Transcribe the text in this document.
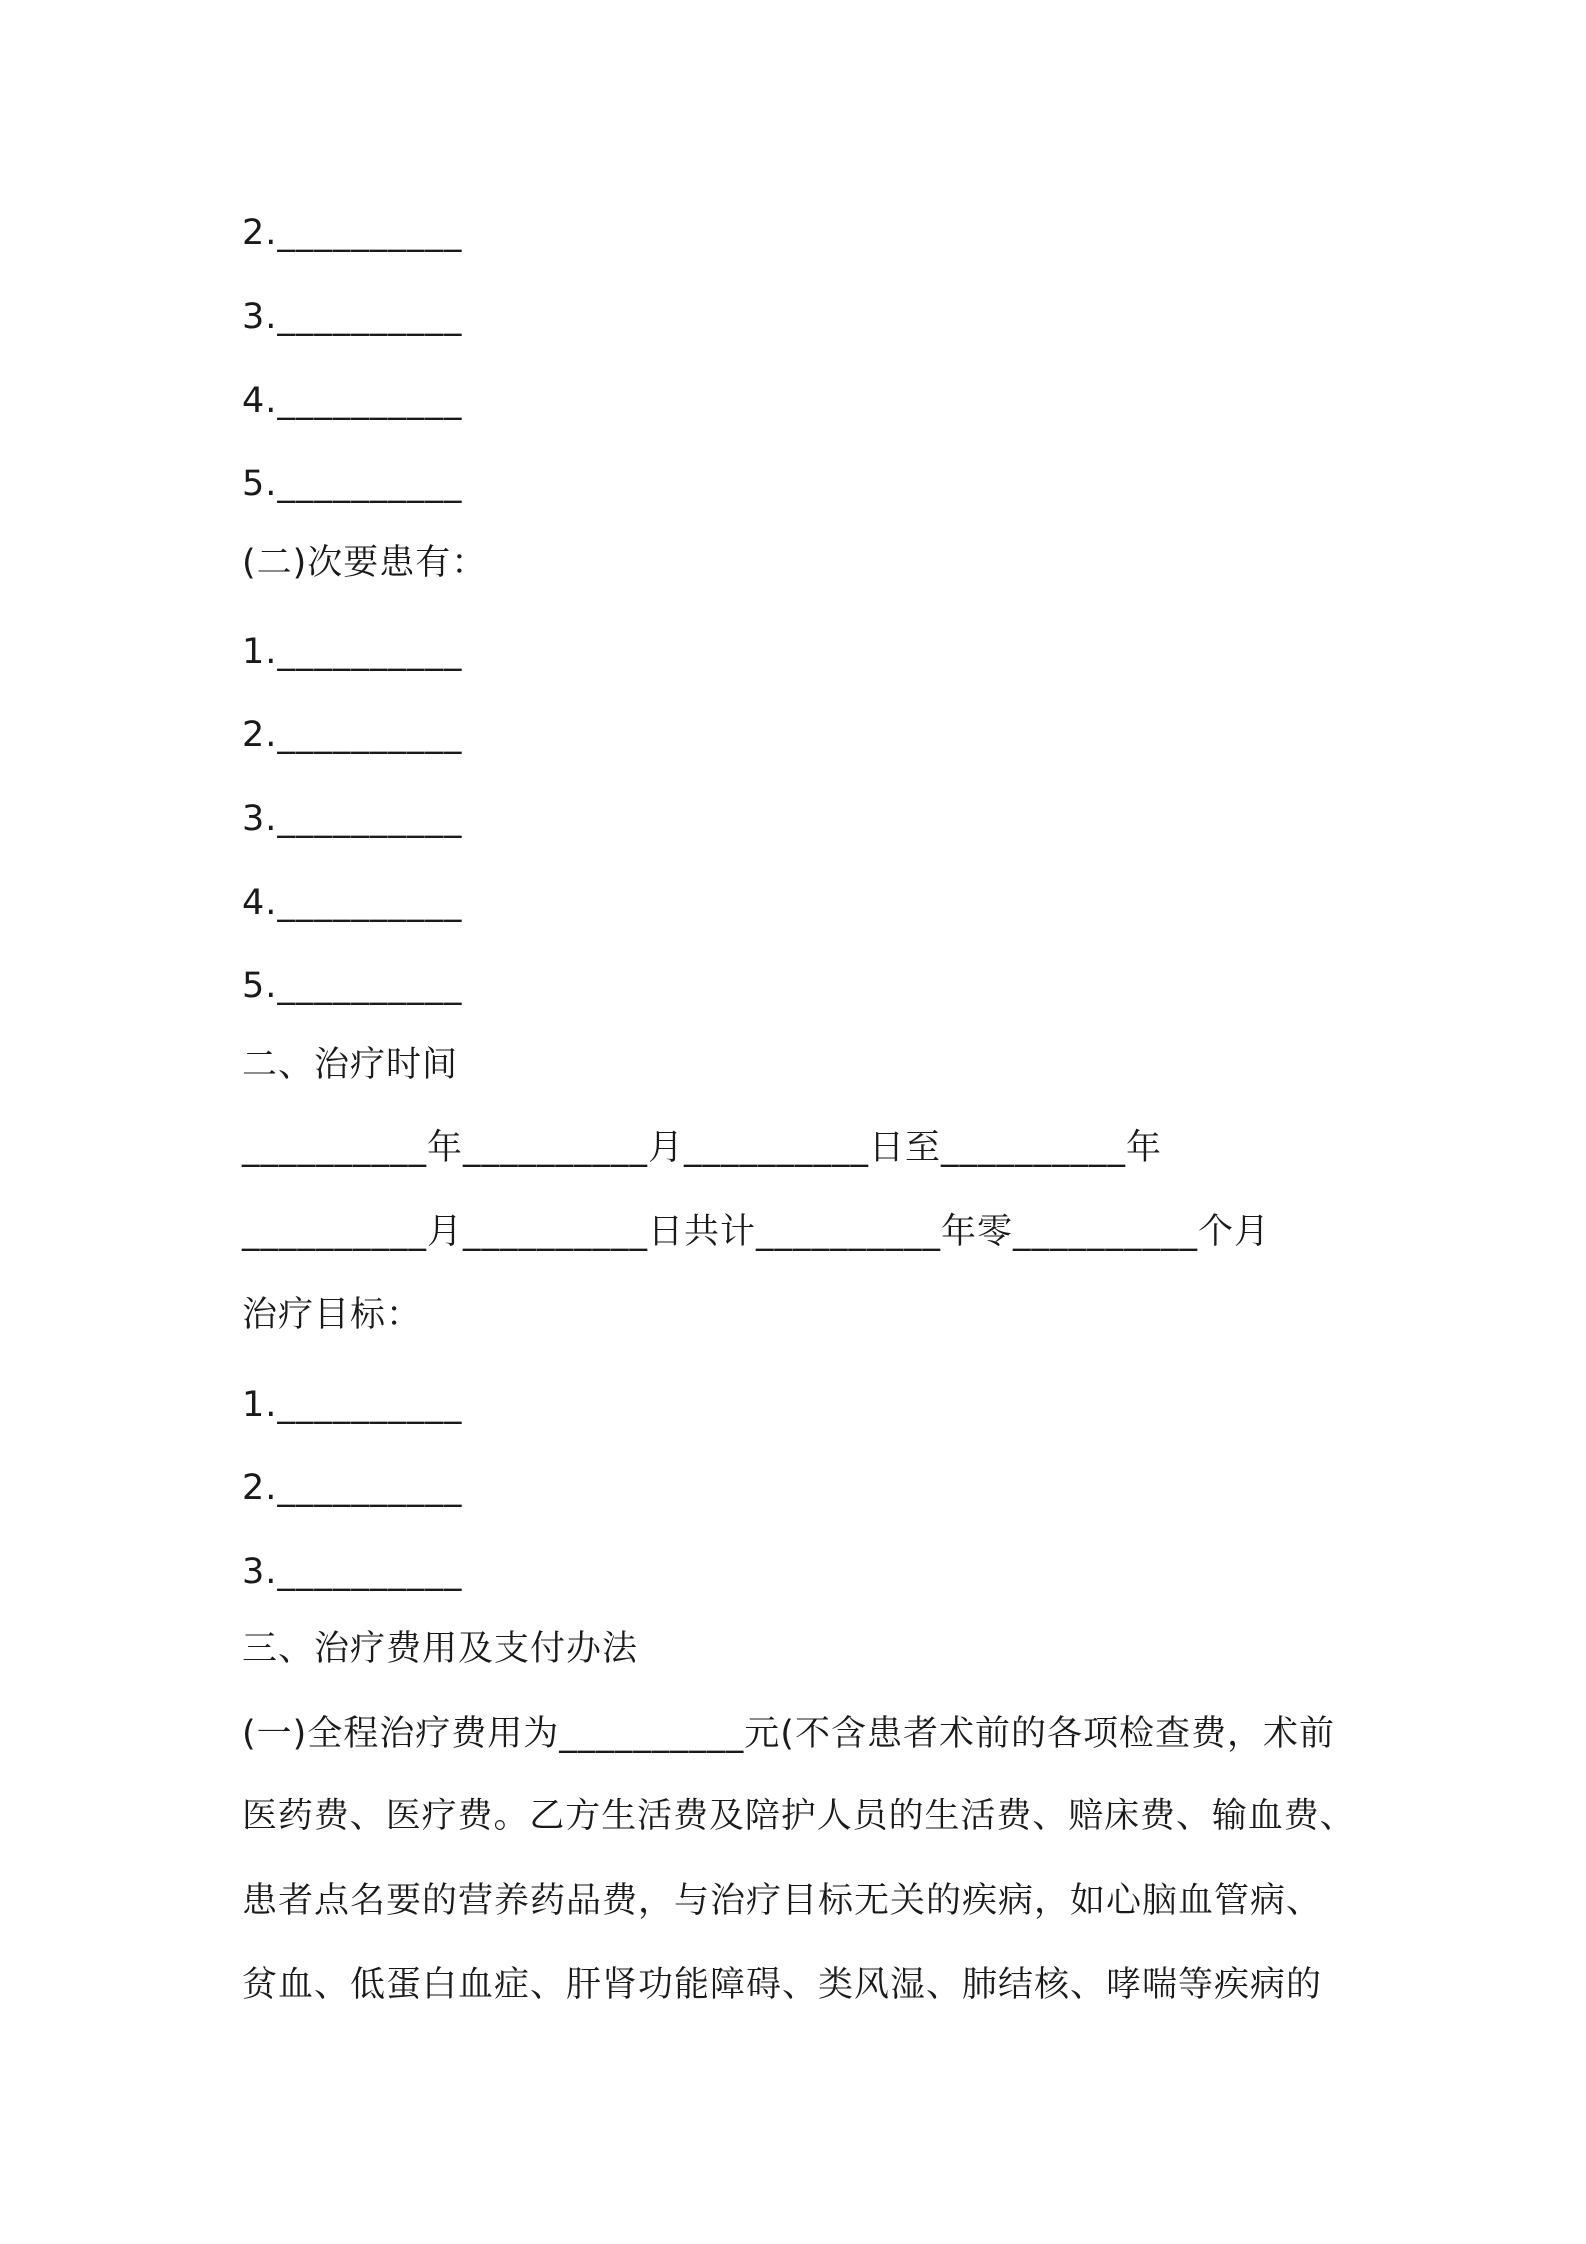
2.__________
3.__________
4.__________
5.__________
(二)次要患有：
1.__________
2.__________
3.__________
4.__________
5.__________
二、治疗时间
__________年__________月__________日至__________年
__________月__________日共计__________年零__________个月
治疗目标：
1.__________
2.__________
3.__________
三、治疗费用及支付办法
(一)全程治疗费用为__________元(不含患者术前的各项检查费，术前
医药费、医疗费。乙方生活费及陪护人员的生活费、赔床费、输血费、
患者点名要的营养药品费，与治疗目标无关的疾病，如心脑血管病、
贫血、低蛋白血症、肝肾功能障碍、类风湿、肺结核、哮喘等疾病的
